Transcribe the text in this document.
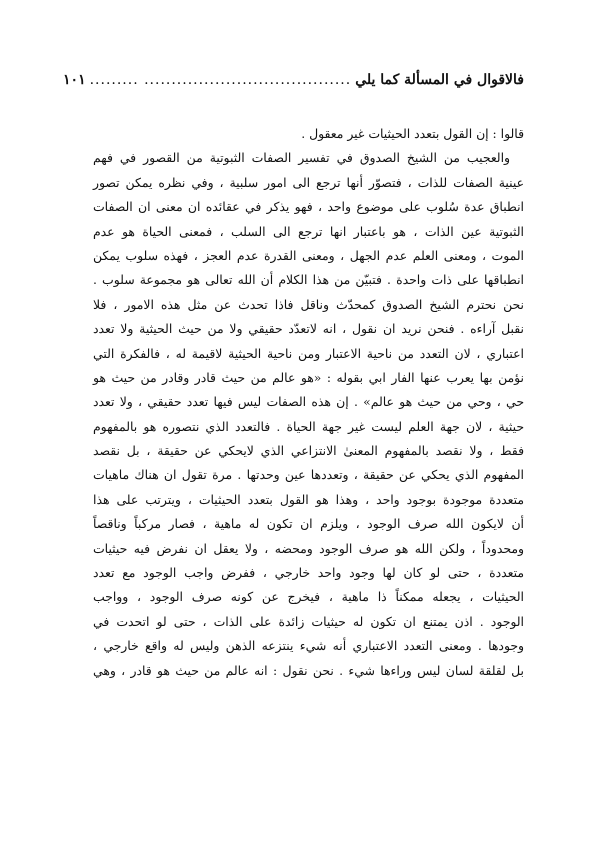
فالاقوال في المسألة كما يلي
...................................... .........
١٠١
قالوا : إن القول بتعدد الحيثيات غير معقول .
والعجيب من الشيخ الصدوق في تفسير الصفات الثبوتية من القصور في فهم
عينية الصفات للذات ، فتصوّر أنها ترجع الى امور سلبية ، وفي نظره يمكن تصور
انطباق عدة سُلوب على موضوع واحد ، فهو يذكر في عقائده ان معنى ان الصفات
الثبوتية عين الذات ، هو باعتبار انها ترجع الى السلب ، فمعنى الحياة هو عدم
الموت ، ومعنى العلم عدم الجهل ، ومعنى القدرة عدم العجز ، فهذه سلوب يمكن
انطباقها على ذات واحدة . فتبيّن من هذا الكلام أن الله تعالى هو مجموعة سلوب .
نحن نحترم الشيخ الصدوق كمحدّث وناقل فاذا تحدث عن مثل هذه الامور ، فلا
نقبل آراءه . فنحن نريد ان نقول ، انه لاتعدّد حقيقي ولا من حيث الحيثية ولا تعدد
اعتباري ، لان التعدد من ناحية الاعتبار ومن ناحية الحيثية لاقيمة له ، فالفكرة التي
نؤمن بها يعرب عنها الفار ابي بقوله : «هو عالم من حيث قادر وقادر من حيث هو
حي ، وحي من حيث هو عالم» . إن هذه الصفات ليس فيها تعدد حقيقي ، ولا تعدد
حيثية ، لان جهة العلم ليست غير جهة الحياة . فالتعدد الذي نتصوره هو بالمفهوم
فقط ، ولا نقصد بالمفهوم المعنىٰ الانتزاعي الذي لايحكي عن حقيقة ، بل نقصد
المفهوم الذي يحكي عن حقيقة ، وتعددها عين وحدتها . مرة تقول ان هناك ماهيات
متعددة موجودة بوجود واحد ، وهذا هو القول بتعدد الحيثيات ، ويترتب على هذا
أن لايكون الله صرف الوجود ، ويلزم ان تكون له ماهية ، فصار مركباً وناقصاً
ومحدوداً ، ولكن الله هو صرف الوجود ومحضه ، ولا يعقل ان نفرض فيه حيثيات
متعددة ، حتى لو كان لها وجود واحد خارجي ، ففرض واجب الوجود مع تعدد
الحيثيات ، يجعله ممكناً ذا ماهية ، فيخرج عن كونه صرف الوجود ، وواجب
الوجود . اذن يمتنع ان تكون له حيثيات زائدة على الذات ، حتى لو اتحدت في
وجودها . ومعنى التعدد الاعتباري أنه شيء ينتزعه الذهن وليس له واقع خارجي ،
بل لقلقة لسان ليس وراءها شيء . نحن نقول : انه عالم من حيث هو قادر ، وهي
